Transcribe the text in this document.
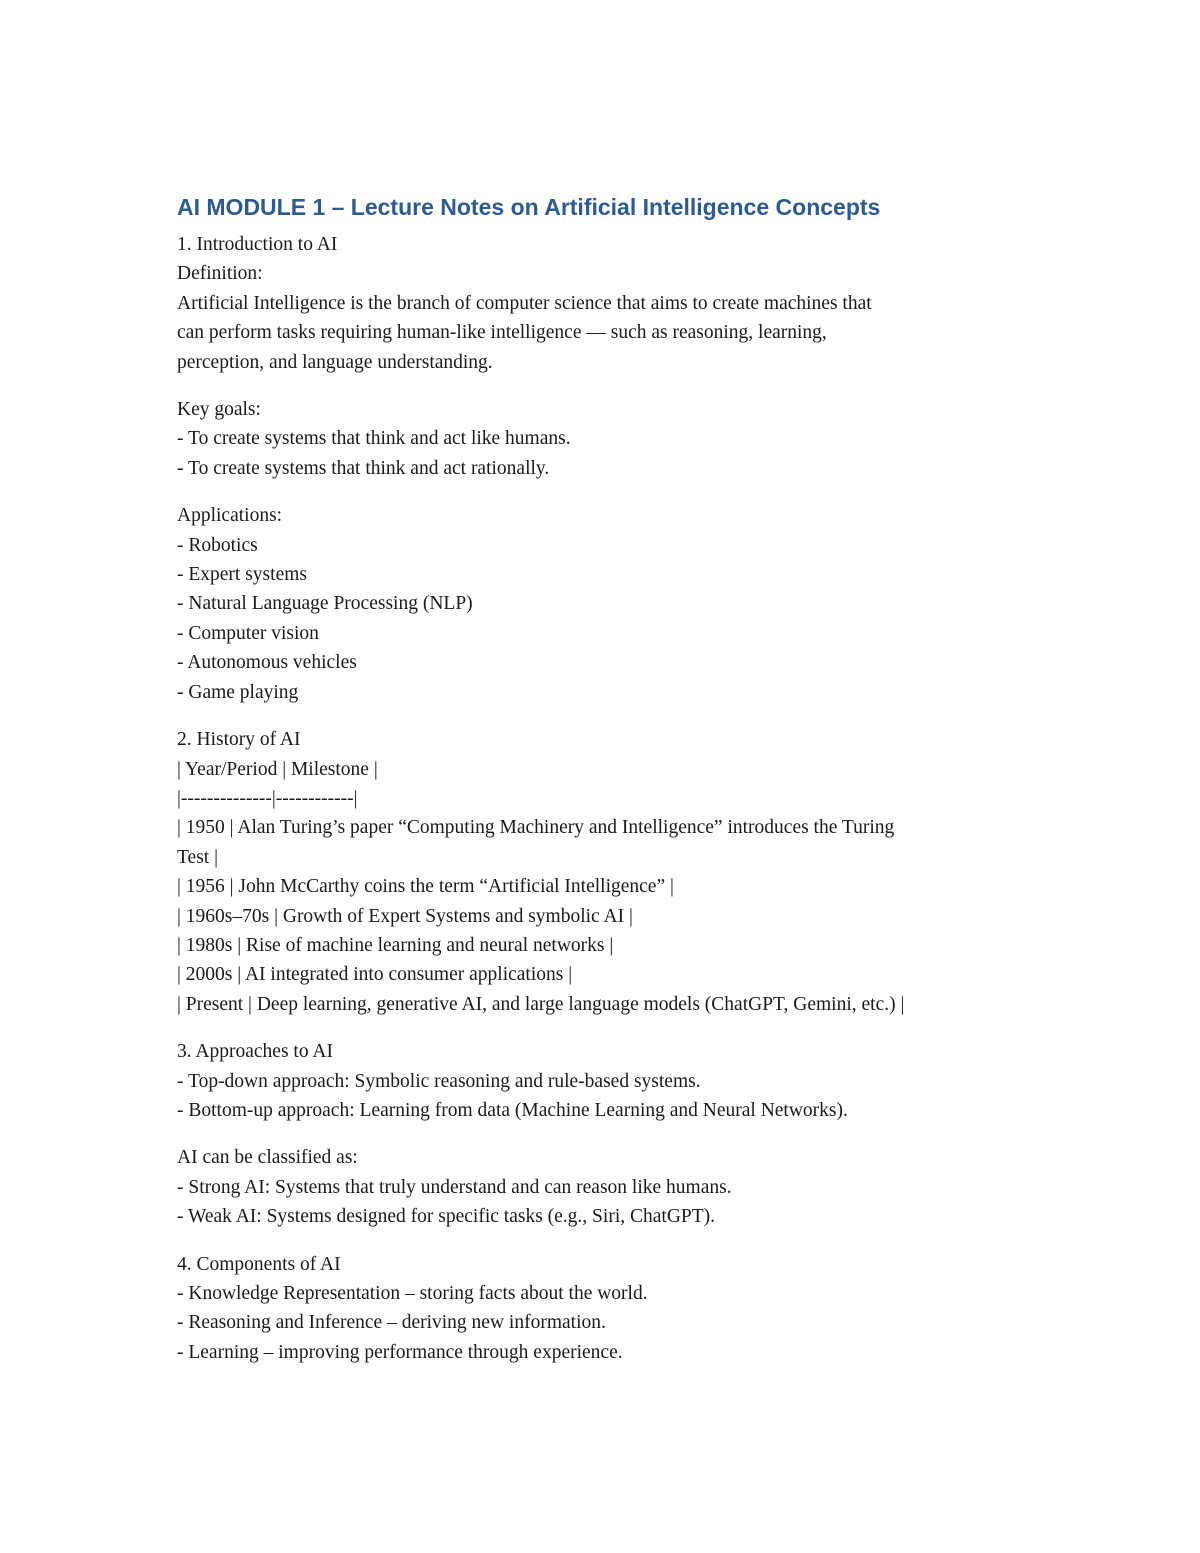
AI MODULE 1 – Lecture Notes on Artificial Intelligence Concepts

1. Introduction to AI

Definition:

Artificial Intelligence is the branch of computer science that aims to create machines that

can perform tasks requiring human-like intelligence — such as reasoning, learning,

perception, and language understanding.

Key goals:

- To create systems that think and act like humans.

- To create systems that think and act rationally.

Applications:

- Robotics

- Expert systems

- Natural Language Processing (NLP)

- Computer vision

- Autonomous vehicles

- Game playing

2. History of AI

| Year/Period | Milestone |

|--------------|------------|

| 1950 | Alan Turing’s paper “Computing Machinery and Intelligence” introduces the Turing

Test |

| 1956 | John McCarthy coins the term “Artificial Intelligence” |

| 1960s–70s | Growth of Expert Systems and symbolic AI |

| 1980s | Rise of machine learning and neural networks |

| 2000s | AI integrated into consumer applications |

| Present | Deep learning, generative AI, and large language models (ChatGPT, Gemini, etc.) |

3. Approaches to AI

- Top-down approach: Symbolic reasoning and rule-based systems.

- Bottom-up approach: Learning from data (Machine Learning and Neural Networks).

AI can be classified as:

- Strong AI: Systems that truly understand and can reason like humans.

- Weak AI: Systems designed for specific tasks (e.g., Siri, ChatGPT).

4. Components of AI

- Knowledge Representation – storing facts about the world.

- Reasoning and Inference – deriving new information.

- Learning – improving performance through experience.
